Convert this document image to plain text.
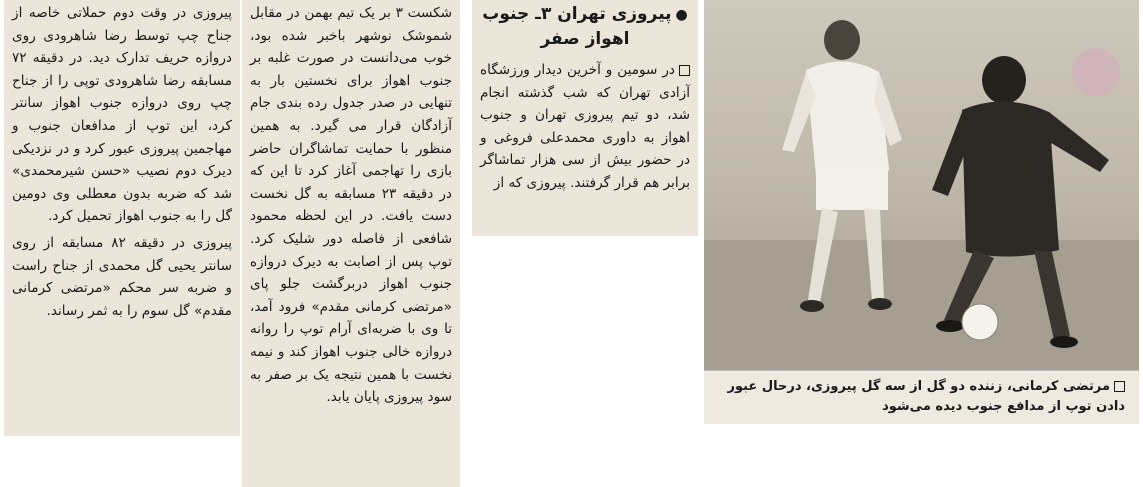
پیروزی در وقت دوم حملاتی خاصه از جناح چپ توسط رضا شاهرودی روی دروازه حریف تدارک دید. در دقیقه ۷۲ مسابقه رضا شاهرودی توپی را از جناح چپ روی دروازه جنوب اهواز سانتر کرد، این توپ از مدافعان جنوب و مهاجمین پیروزی عبور کرد و در نزدیکی دیرک دوم نصیب «حسن شیرمحمدی» شد که ضربه بدون معطلی وی دومین گل را به جنوب اهواز تحمیل کرد.

پیروزی در دقیقه ۸۲ مسابقه از روی سانتر یحیی گل محمدی از جناح راست و ضربه سر محکم «مرتضی کرمانی مقدم» گل سوم را به ثمر رساند.

شکست ۳ بر یک تیم بهمن در مقابل شموشک نوشهر باخبر شده بود، خوب می‌دانست در صورت غلبه بر جنوب اهواز برای نخستین بار به تنهایی در صدر جدول رده بندی جام آزادگان قرار می گیرد. به همین منظور با حمایت تماشاگران حاضر بازی را تهاجمی آغاز کرد تا این که در دقیقه ۲۳ مسابقه به گل نخست دست یافت. در این لحظه محمود شافعی از فاصله دور شلیک کرد. توپ پس از اصابت به دیرک دروازه جنوب اهواز دربرگشت جلو پای «مرتضی کرمانی مقدم» فرود آمد، تا وی با ضربه‌ای آرام توپ را روانه دروازه خالی جنوب اهواز کند و نیمه نخست با همین نتیجه یک بر صفر به سود پیروزی پایان یابد.

●پیروزی تهران ۳ـ جنوب اهواز صفر

در سومین و آخرین دیدار ورزشگاه آزادی تهران که شب گذشته انجام شد، دو تیم پیروزی تهران و جنوب اهواز به داوری محمدعلی فروغی و در حضور بیش از سی هزار تماشاگر برابر هم قرار گرفتند. پیروزی که از

مرتضی کرمانی، زننده دو گل از سه گل پیروزی، درحال عبور دادن توپ از مدافع جنوب دیده می‌شود
